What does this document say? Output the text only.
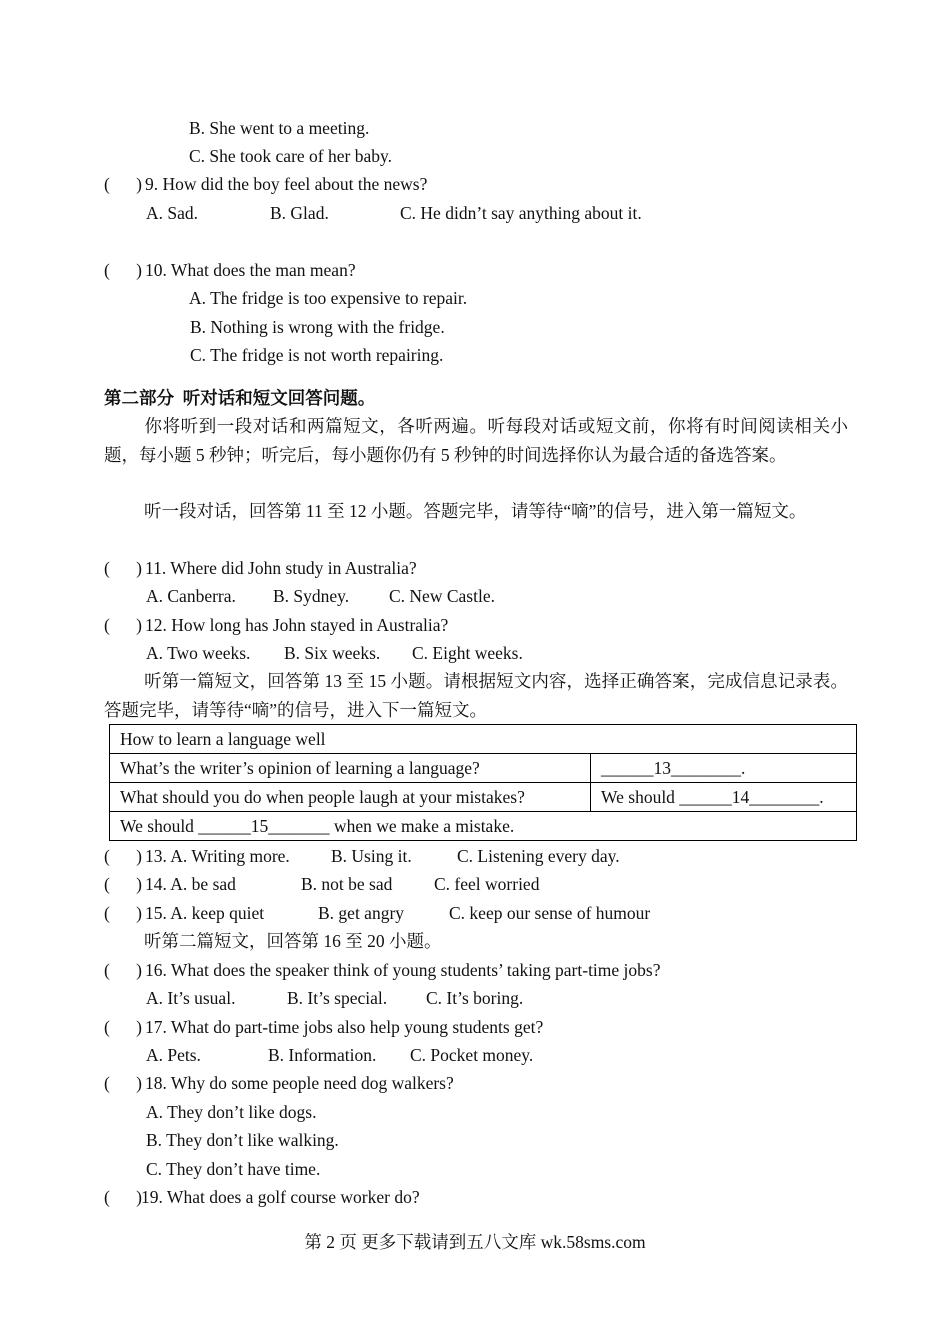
B. She went to a meeting.
C. She took care of her baby.
(      ) 9. How did the boy feel about the news?
A. Sad.	B. Glad.	C. He didn’t say anything about it.
(      ) 10. What does the man mean?
A. The fridge is too expensive to repair.
B. Nothing is wrong with the fridge.
C. The fridge is not worth repairing.
第二部分  听对话和短文回答问题。
你将听到一段对话和两篇短文，各听两遍。听每段对话或短文前，你将有时间阅读相关小题，每小题 5 秒钟；听完后，每小题你仍有 5 秒钟的时间选择你认为最合适的备选答案。
听一段对话，回答第 11 至 12 小题。答题完毕，请等待“嘀”的信号，进入第一篇短文。
(      ) 11. Where did John study in Australia?
A. Canberra. B. Sydney. C. New Castle.
(      ) 12. How long has John stayed in Australia?
A. Two weeks. B. Six weeks. C. Eight weeks.
听第一篇短文，回答第 13 至 15 小题。请根据短文内容，选择正确答案，完成信息记录表。答题完毕，请等待“嘀”的信号，进入下一篇短文。
How to learn a language well	
What’s the writer’s opinion of learning a language?	______13________.
What should you do when people laugh at your mistakes?	We should ______14________.
We should ______15_______ when we make a mistake.	
(      ) 13. A. Writing more. B. Using it.	C. Listening every day.
(      ) 14. A. be sad	B. not be sad C. feel worried
(      ) 15. A. keep quiet	B. get angry	C. keep our sense of humour
听第二篇短文，回答第 16 至 20 小题。
(      ) 16. What does the speaker think of young students’ taking part-time jobs?
A. It’s usual.	B. It’s special. C. It’s boring.
(      ) 17. What do part-time jobs also help young students get?
A. Pets.	B. Information. C. Pocket money.
(      ) 18. Why do some people need dog walkers?
A. They don’t like dogs.
B. They don’t like walking.
C. They don’t have time.
(      ) 19. What does a golf course worker do?
第 2 页 更多下载请到五八文库 wk.58sms.com
